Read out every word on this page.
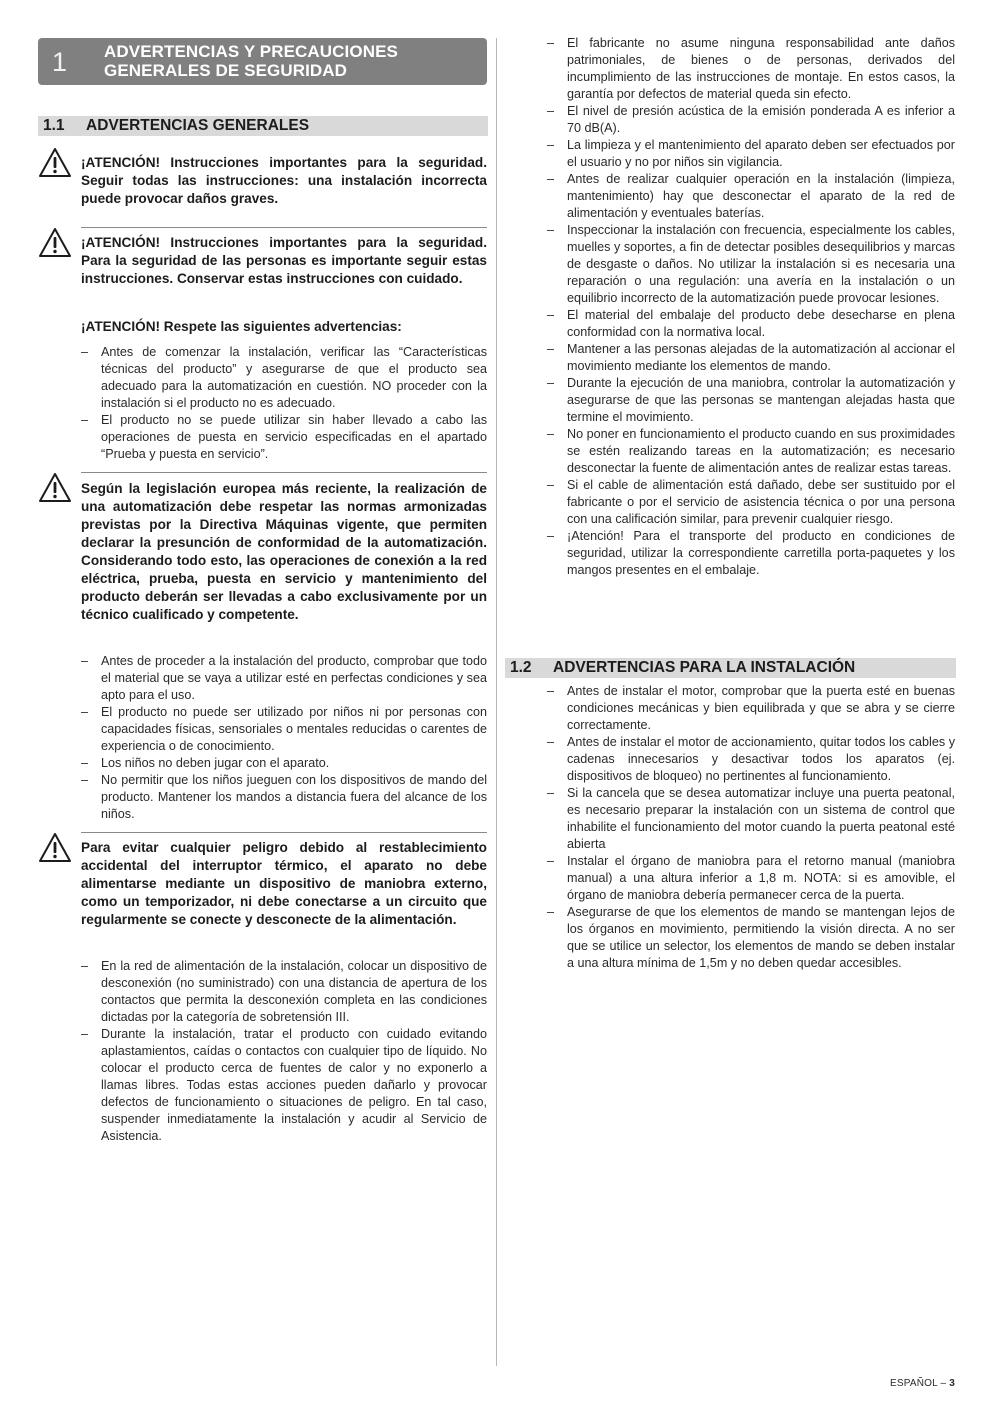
1 ADVERTENCIAS Y PRECAUCIONES
GENERALES DE SEGURIDAD
1.1 ADVERTENCIAS GENERALES
¡ATENCIÓN! Instrucciones importantes para la seguridad. Seguir todas las instrucciones: una instalación incorrecta puede provocar daños graves.
¡ATENCIÓN! Instrucciones importantes para la seguridad. Para la seguridad de las personas es importante seguir estas instrucciones. Conservar estas instrucciones con cuidado.
¡ATENCIÓN! Respete las siguientes advertencias:
– Antes de comenzar la instalación, verificar las “Características técnicas del producto” y asegurarse de que el producto sea adecuado para la automatización en cuestión. NO proceder con la instalación si el producto no es adecuado.
– El producto no se puede utilizar sin haber llevado a cabo las operaciones de puesta en servicio especificadas en el apartado “Prueba y puesta en servicio”.
Según la legislación europea más reciente, la realización de una automatización debe respetar las normas armonizadas previstas por la Directiva Máquinas vigente, que permiten declarar la presunción de conformidad de la automatización. Considerando todo esto, las operaciones de conexión a la red eléctrica, prueba, puesta en servicio y mantenimiento del producto deberán ser llevadas a cabo exclusivamente por un técnico cualificado y competente.
– Antes de proceder a la instalación del producto, comprobar que todo el material que se vaya a utilizar esté en perfectas condiciones y sea apto para el uso.
– El producto no puede ser utilizado por niños ni por personas con capacidades físicas, sensoriales o mentales reducidas o carentes de experiencia o de conocimiento.
– Los niños no deben jugar con el aparato.
– No permitir que los niños jueguen con los dispositivos de mando del producto. Mantener los mandos a distancia fuera del alcance de los niños.
Para evitar cualquier peligro debido al restablecimiento accidental del interruptor térmico, el aparato no debe alimentarse mediante un dispositivo de maniobra externo, como un temporizador, ni debe conectarse a un circuito que regularmente se conecte y desconecte de la alimentación.
– En la red de alimentación de la instalación, colocar un dispositivo de desconexión (no suministrado) con una distancia de apertura de los contactos que permita la desconexión completa en las condiciones dictadas por la categoría de sobretensión III.
– Durante la instalación, tratar el producto con cuidado evitando aplastamientos, caídas o contactos con cualquier tipo de líquido. No colocar el producto cerca de fuentes de calor y no exponerlo a llamas libres. Todas estas acciones pueden dañarlo y provocar defectos de funcionamiento o situaciones de peligro. En tal caso, suspender inmediatamente la instalación y acudir al Servicio de Asistencia.
– El fabricante no asume ninguna responsabilidad ante daños patrimoniales, de bienes o de personas, derivados del incumplimiento de las instrucciones de montaje. En estos casos, la garantía por defectos de material queda sin efecto.
– El nivel de presión acústica de la emisión ponderada A es inferior a 70 dB(A).
– La limpieza y el mantenimiento del aparato deben ser efectuados por el usuario y no por niños sin vigilancia.
– Antes de realizar cualquier operación en la instalación (limpieza, mantenimiento) hay que desconectar el aparato de la red de alimentación y eventuales baterías.
– Inspeccionar la instalación con frecuencia, especialmente los cables, muelles y soportes, a fin de detectar posibles desequilibrios y marcas de desgaste o daños. No utilizar la instalación si es necesaria una reparación o una regulación: una avería en la instalación o un equilibrio incorrecto de la automatización puede provocar lesiones.
– El material del embalaje del producto debe desecharse en plena conformidad con la normativa local.
– Mantener a las personas alejadas de la automatización al accionar el movimiento mediante los elementos de mando.
– Durante la ejecución de una maniobra, controlar la automatización y asegurarse de que las personas se mantengan alejadas hasta que termine el movimiento.
– No poner en funcionamiento el producto cuando en sus proximidades se estén realizando tareas en la automatización; es necesario desconectar la fuente de alimentación antes de realizar estas tareas.
– Si el cable de alimentación está dañado, debe ser sustituido por el fabricante o por el servicio de asistencia técnica o por una persona con una calificación similar, para prevenir cualquier riesgo.
– ¡Atención! Para el transporte del producto en condiciones de seguridad, utilizar la correspondiente carretilla porta-paquetes y los mangos presentes en el embalaje.
1.2 ADVERTENCIAS PARA LA INSTALACIÓN
– Antes de instalar el motor, comprobar que la puerta esté en buenas condiciones mecánicas y bien equilibrada y que se abra y se cierre correctamente.
– Antes de instalar el motor de accionamiento, quitar todos los cables y cadenas innecesarios y desactivar todos los aparatos (ej. dispositivos de bloqueo) no pertinentes al funcionamiento.
– Si la cancela que se desea automatizar incluye una puerta peatonal, es necesario preparar la instalación con un sistema de control que inhabilite el funcionamiento del motor cuando la puerta peatonal esté abierta
– Instalar el órgano de maniobra para el retorno manual (maniobra manual) a una altura inferior a 1,8 m. NOTA: si es amovible, el órgano de maniobra debería permanecer cerca de la puerta.
– Asegurarse de que los elementos de mando se mantengan lejos de los órganos en movimiento, permitiendo la visión directa. A no ser que se utilice un selector, los elementos de mando se deben instalar a una altura mínima de 1,5m y no deben quedar accesibles.
ESPAÑOL – 3
